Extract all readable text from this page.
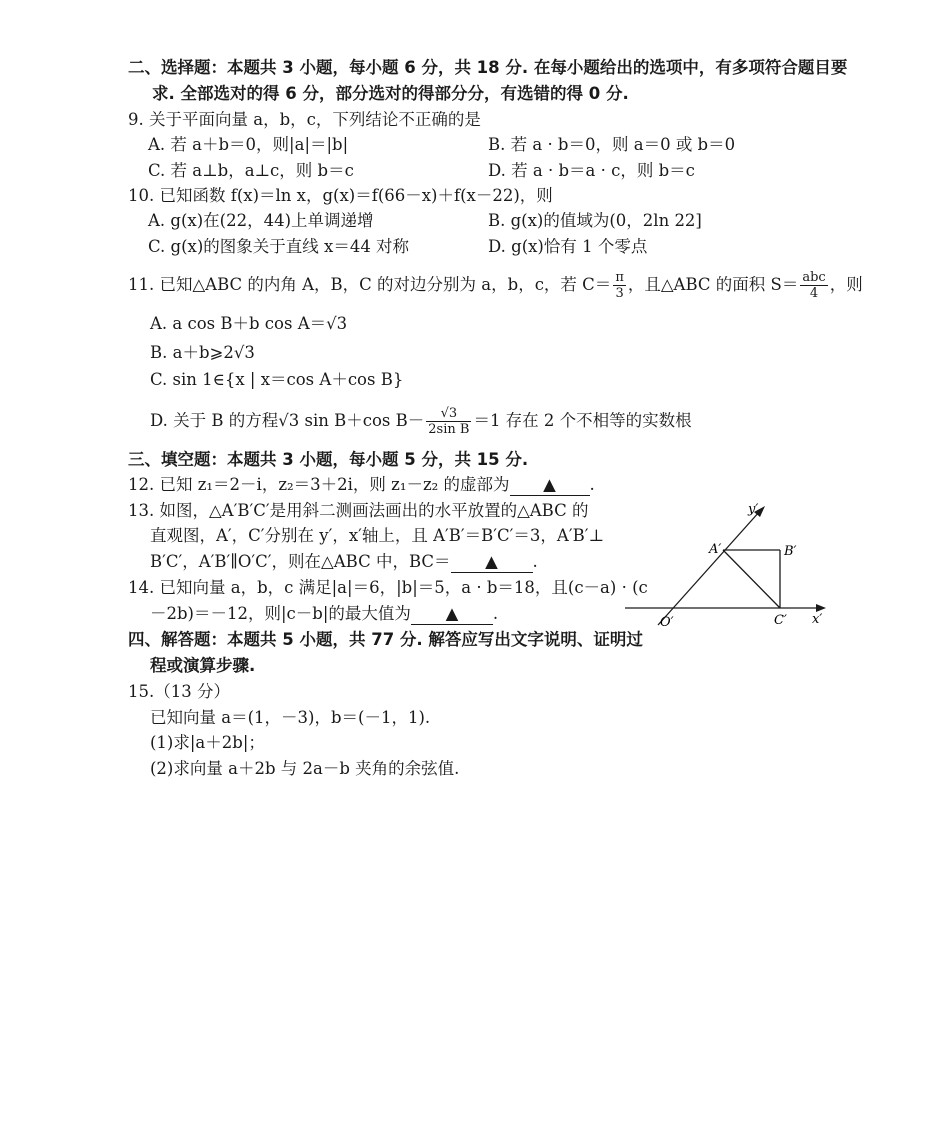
二、选择题：本题共 3 小题，每小题 6 分，共 18 分. 在每小题给出的选项中，有多项符合题目要
求. 全部选对的得 6 分，部分选对的得部分分，有选错的得 0 分.
9. 关于平面向量 a，b，c，下列结论不正确的是
A. 若 a＋b＝0，则|a|＝|b|	B. 若 a · b＝0，则 a＝0 或 b＝0
C. 若 a⊥b，a⊥c，则 b＝c	D. 若 a · b＝a · c，则 b＝c
10. 已知函数 f(x)＝ln x，g(x)＝f(66－x)＋f(x－22)，则
A. g(x)在(22，44)上单调递增	B. g(x)的值域为(0，2ln 22]
C. g(x)的图象关于直线 x＝44 对称	D. g(x)恰有 1 个零点
11. 已知△ABC 的内角 A，B，C 的对边分别为 a，b，c，若 $C= \frac{\pi}{3}$ ，且△ABC 的面积 $S= \frac{\text{abc}}{4}$ ，则
A. a cos B＋b cos A＝√3
B. a＋b⩾2√3
C. sin 1∈{x | x＝cos A＋cos B}
D. 关于 B 的方程√3 sin B＋cos $B- \frac{√3}{\text{2sin B}} =1$ 存在 2 个不相等的实数根
三、填空题：本题共 3 小题，每小题 5 分，共 15 分.
12. 已知 z₁＝2－i，z₂＝3＋2i，则 z₁－z₂ 的虚部为 ▲ .
13. 如图，△A′B′C′是用斜二测画法画出的水平放置的△ABC 的
直观图，A′，C′分别在 y′，x′轴上，且 A′B′＝B′C′＝3，A′B′⊥
B′C′，A′B′∥O′C′，则在△ABC 中，BC＝ ▲ .
14. 已知向量 a，b，c 满足|a|＝6，|b|＝5，a · b＝18，且(c－a) · (c
－2b)＝－12，则|c－b|的最大值为 ▲ .
四、解答题：本题共 5 小题，共 77 分. 解答应写出文字说明、证明过
程或演算步骤.
15.（13 分）
已知向量 a＝(1，－3)，b＝(－1，1).
(1)求|a＋2b|；
(2)求向量 a＋2b 与 2a－b 夹角的余弦值.
y′
x′
O′
A′	B′
C′
